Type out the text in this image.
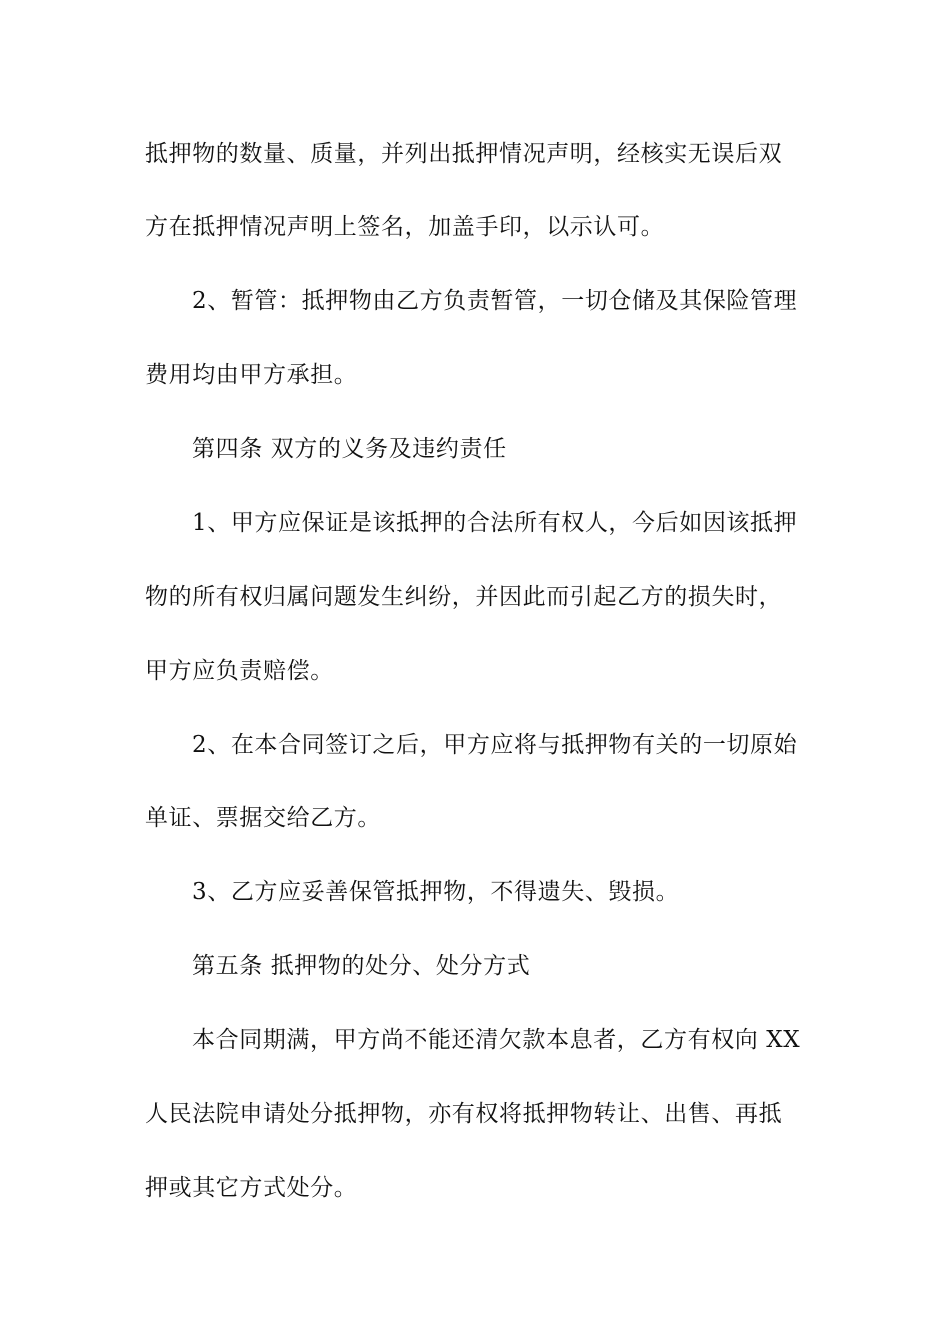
抵押物的数量、质量，并列出抵押情况声明，经核实无误后双
方在抵押情况声明上签名，加盖手印，以示认可。
2、暂管：抵押物由乙方负责暂管，一切仓储及其保险管理
费用均由甲方承担。
第四条 双方的义务及违约责任
1、甲方应保证是该抵押的合法所有权人，今后如因该抵押
物的所有权归属问题发生纠纷，并因此而引起乙方的损失时，
甲方应负责赔偿。
2、在本合同签订之后，甲方应将与抵押物有关的一切原始
单证、票据交给乙方。
3、乙方应妥善保管抵押物，不得遗失、毁损。
第五条 抵押物的处分、处分方式
本合同期满，甲方尚不能还清欠款本息者，乙方有权向 XX
人民法院申请处分抵押物，亦有权将抵押物转让、出售、再抵
押或其它方式处分。
